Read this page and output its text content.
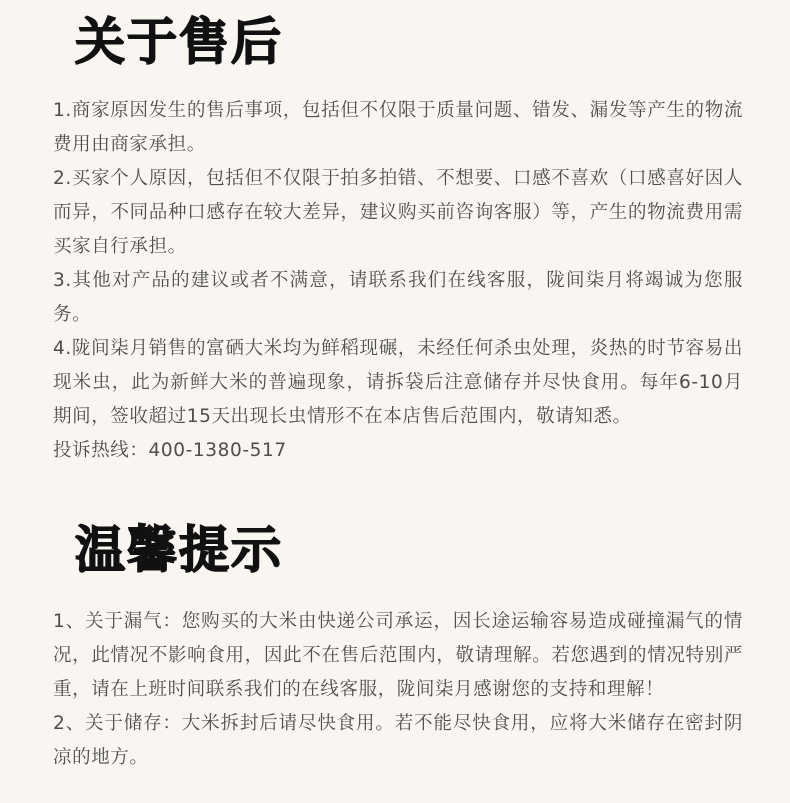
关于售后

1.商家原因发生的售后事项，包括但不仅限于质量问题、错发、漏发等产生的物流费用由商家承担。

2.买家个人原因，包括但不仅限于拍多拍错、不想要、口感不喜欢（口感喜好因人而异，不同品种口感存在较大差异，建议购买前咨询客服）等，产生的物流费用需买家自行承担。

3.其他对产品的建议或者不满意，请联系我们在线客服，陇间柒月将竭诚为您服务。

4.陇间柒月销售的富硒大米均为鲜稻现碾，未经任何杀虫处理，炎热的时节容易出现米虫，此为新鲜大米的普遍现象，请拆袋后注意储存并尽快食用。每年6-10月期间，签收超过15天出现长虫情形不在本店售后范围内，敬请知悉。

投诉热线：400-1380-517

温馨提示

1、关于漏气：您购买的大米由快递公司承运，因长途运输容易造成碰撞漏气的情况，此情况不影响食用，因此不在售后范围内，敬请理解。若您遇到的情况特别严重，请在上班时间联系我们的在线客服，陇间柒月感谢您的支持和理解！

2、关于储存：大米拆封后请尽快食用。若不能尽快食用，应将大米储存在密封阴凉的地方。
